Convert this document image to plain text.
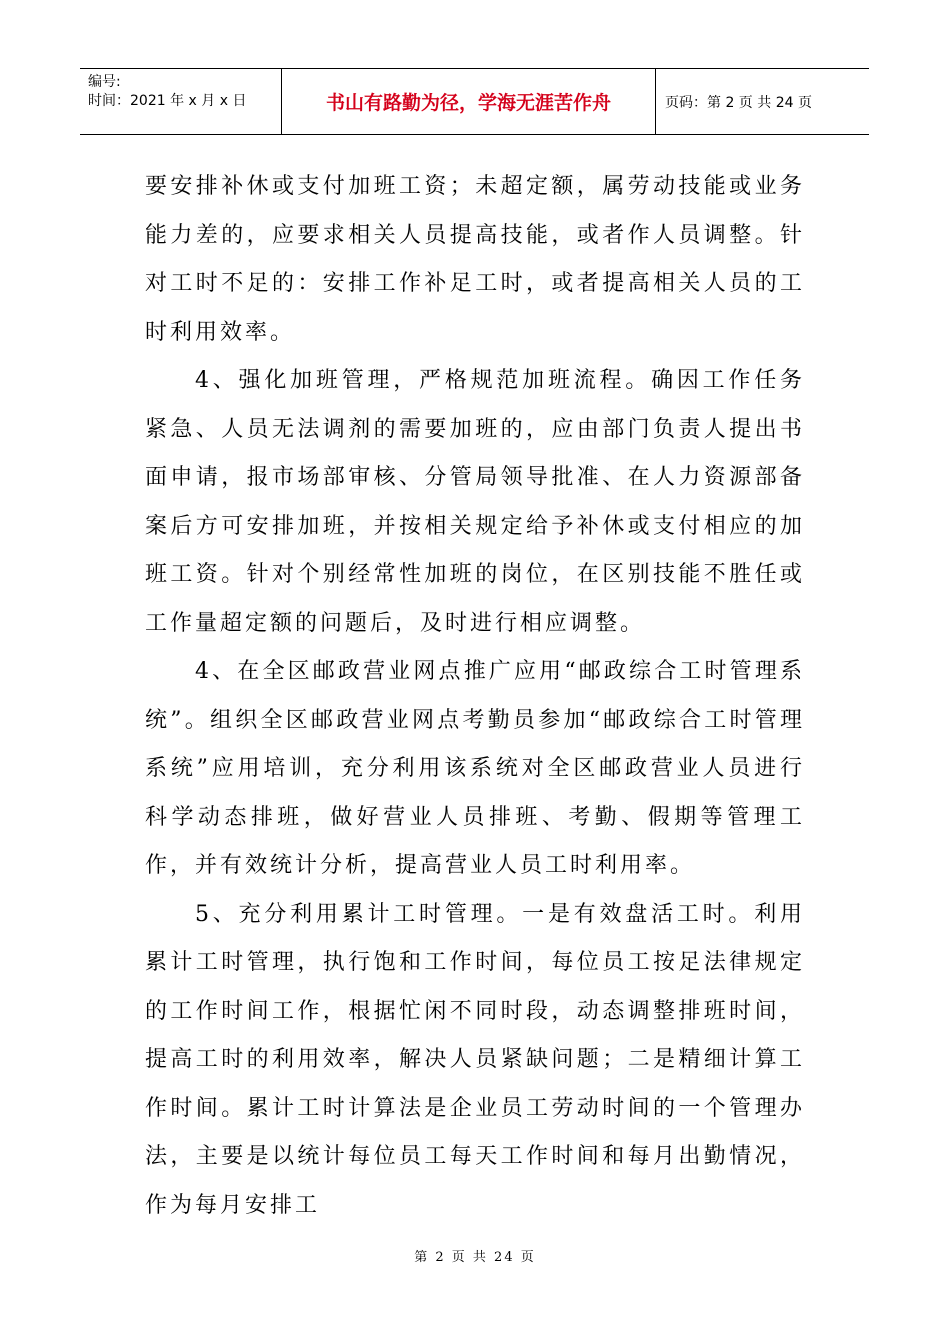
编号:
时间：2021 年 x 月 x 日	书山有路勤为径，学海无涯苦作舟	页码：第 2 页 共 24 页

要安排补休或支付加班工资；未超定额，属劳动技能或业务能力差的，应要求相关人员提高技能，或者作人员调整。针对工时不足的：安排工作补足工时，或者提高相关人员的工时利用效率。

4、强化加班管理，严格规范加班流程。确因工作任务紧急、人员无法调剂的需要加班的，应由部门负责人提出书面申请，报市场部审核、分管局领导批准、在人力资源部备案后方可安排加班，并按相关规定给予补休或支付相应的加班工资。针对个别经常性加班的岗位，在区别技能不胜任或工作量超定额的问题后，及时进行相应调整。

4、在全区邮政营业网点推广应用“邮政综合工时管理系统”。组织全区邮政营业网点考勤员参加“邮政综合工时管理系统”应用培训，充分利用该系统对全区邮政营业人员进行科学动态排班，做好营业人员排班、考勤、假期等管理工作，并有效统计分析，提高营业人员工时利用率。

5、充分利用累计工时管理。一是有效盘活工时。利用累计工时管理，执行饱和工作时间，每位员工按足法律规定的工作时间工作，根据忙闲不同时段，动态调整排班时间，提高工时的利用效率，解决人员紧缺问题；二是精细计算工作时间。累计工时计算法是企业员工劳动时间的一个管理办法，主要是以统计每位员工每天工作时间和每月出勤情况，作为每月安排工

第 2 页 共 24 页
